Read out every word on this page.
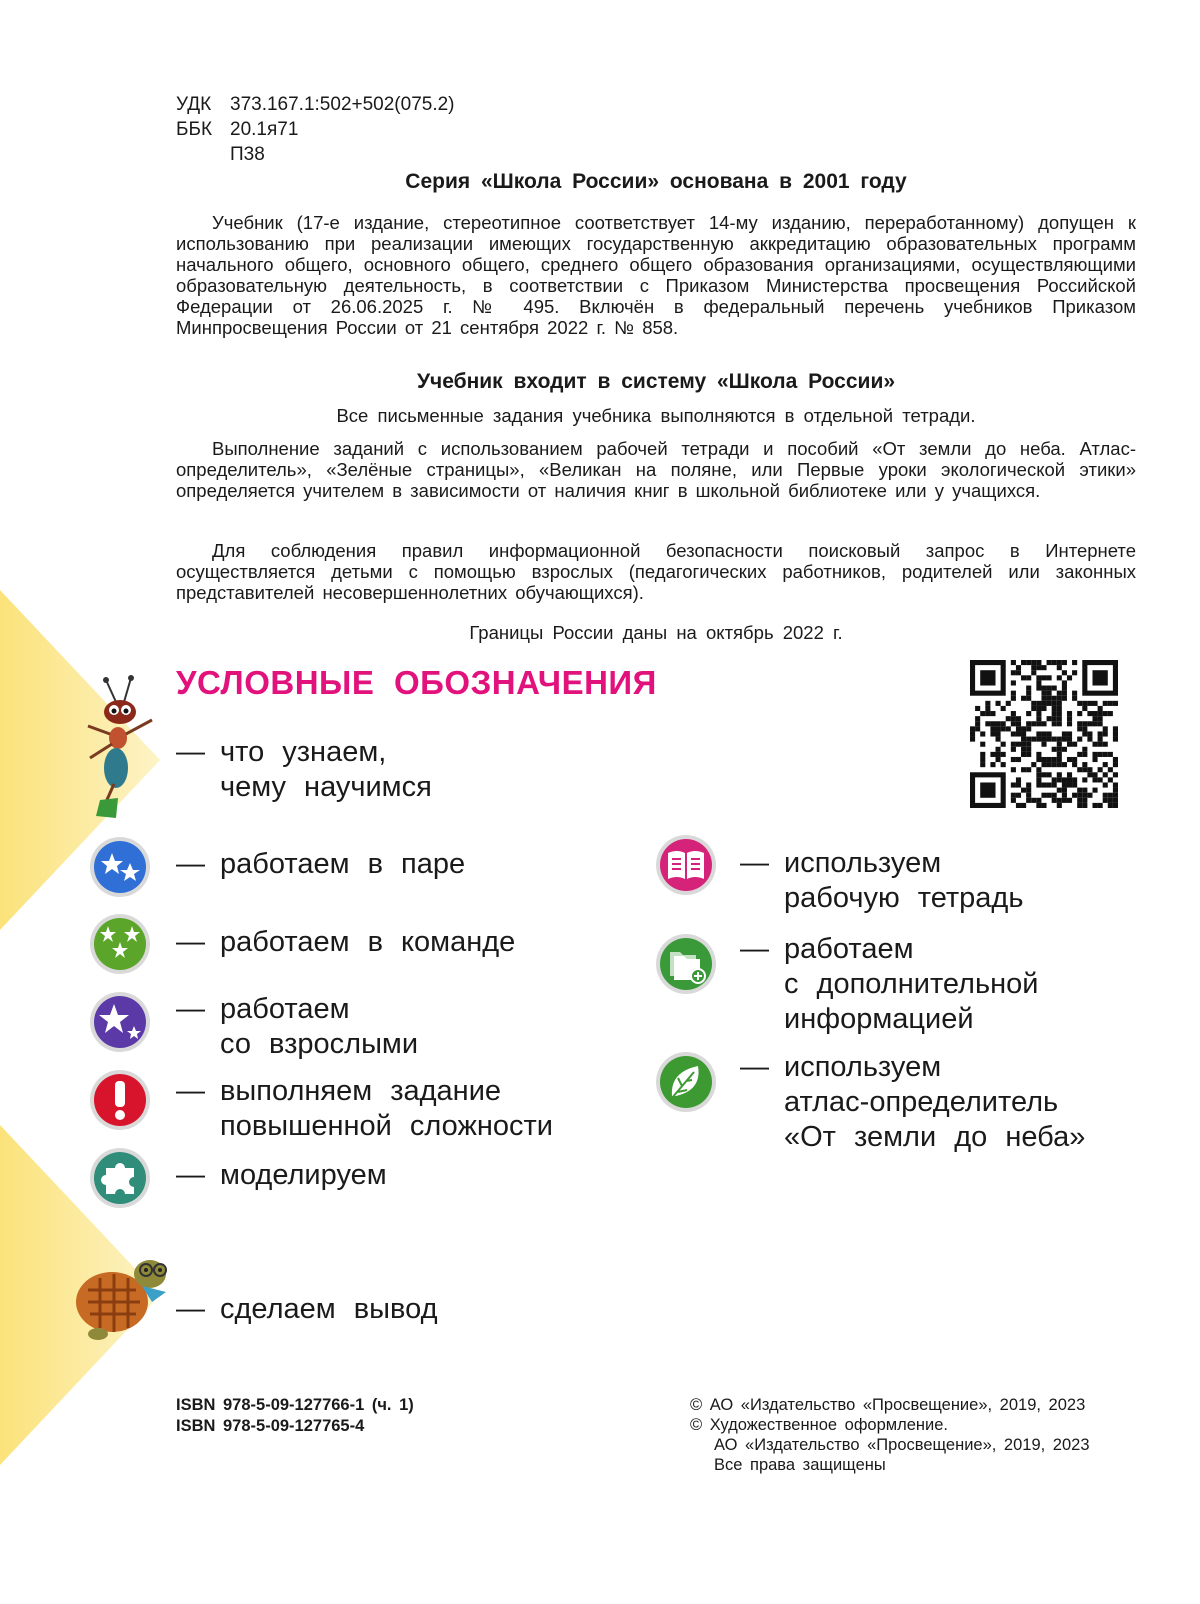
УДК 373.167.1:502+502(075.2)
ББК 20.1я71
П38
Серия «Школа России» основана в 2001 году

Учебник (17-е издание, стереотипное соответствует 14-му изданию, переработанному) допущен к использованию при реализации имеющих государственную аккредитацию образовательных программ начального общего, основного общего, среднего общего образования организациями, осуществляющими образовательную деятельность, в соответствии с Приказом Министерства просвещения Российской Федерации от 26.06.2025 г. № 495. Включён в федеральный перечень учебников Приказом Минпросвещения России от 21 сентября 2022 г. № 858.

Учебник входит в систему «Школа России»
Все письменные задания учебника выполняются в отдельной тетради.

Выполнение заданий с использованием рабочей тетради и пособий «От земли до неба. Атлас-определитель», «Зелёные страницы», «Великан на поляне, или Первые уроки экологической этики» определяется учителем в зависимости от наличия книг в школьной библиотеке или у учащихся.

Для соблюдения правил информационной безопасности поисковый запрос в Интернете осуществляется детьми с помощью взрослых (педагогических работников, родителей или законных представителей несовершеннолетних обучающихся).

Границы России даны на октябрь 2022 г.
УСЛОВНЫЕ ОБОЗНАЧЕНИЯ
— что узнаем,
чему научимся
— работаем в паре
— работаем в команде
— работаем
со взрослыми
— выполняем задание
повышенной сложности
— моделируем
— сделаем вывод
— используем
рабочую тетрадь
— работаем
с дополнительной
информацией
— используем
атлас-определитель
«От земли до неба»
ISBN 978-5-09-127766-1 (ч. 1)
ISBN 978-5-09-127765-4
© АО «Издательство «Просвещение», 2019, 2023
© Художественное оформление.
АО «Издательство «Просвещение», 2019, 2023
Все права защищены
